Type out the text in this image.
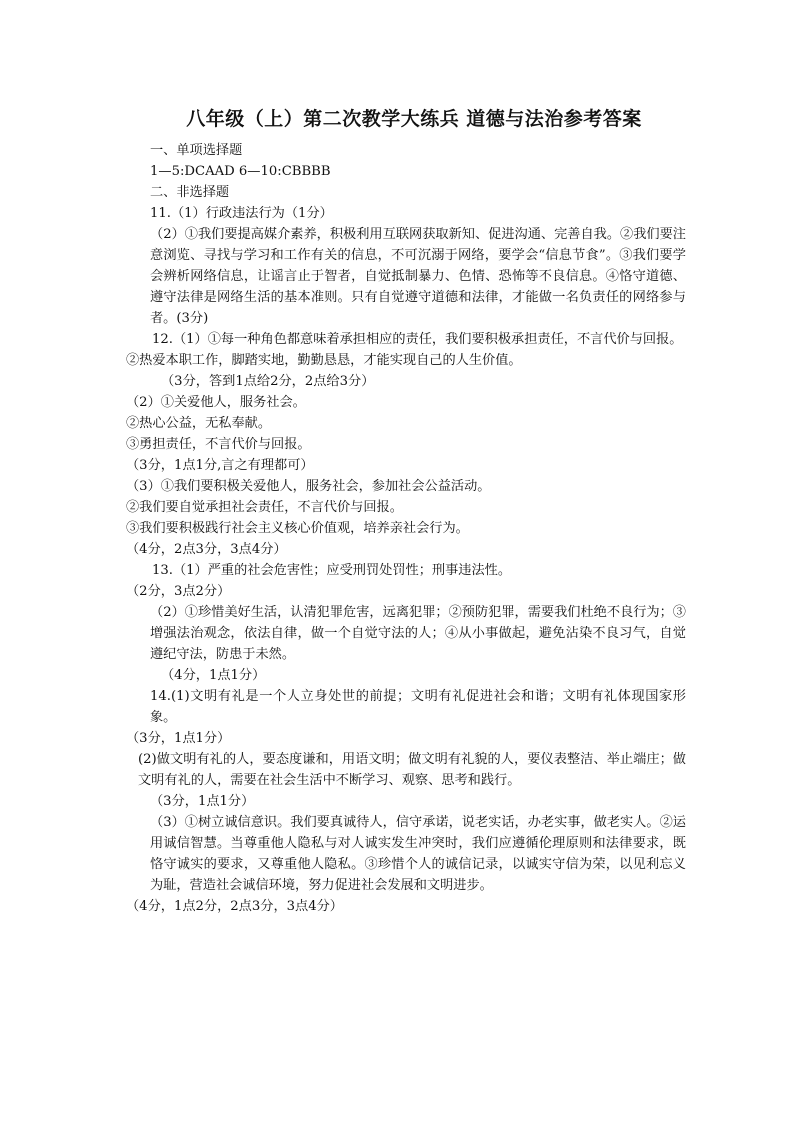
八年级（上）第二次教学大练兵 道德与法治参考答案
一、单项选择题
1—5:DCAAD 6—10:CBBBB
二、非选择题
11.（1）行政违法行为（1分）
（2）①我们要提高媒介素养，积极利用互联网获取新知、促进沟通、完善自我。②我们要注意浏览、寻找与学习和工作有关的信息，不可沉溺于网络，要学会“信息节食”。③我们要学会辨析网络信息，让谣言止于智者，自觉抵制暴力、色情、恐怖等不良信息。④恪守道德、遵守法律是网络生活的基本准则。只有自觉遵守道德和法律，才能做一名负责任的网络参与者。(3分)
12.（1）①每一种角色都意味着承担相应的责任，我们要积极承担责任，不言代价与回报。
②热爱本职工作，脚踏实地，勤勤恳恳，才能实现自己的人生价值。
（3分，答到1点给2分，2点给3分）
（2）①关爱他人，服务社会。
②热心公益，无私奉献。
③勇担责任，不言代价与回报。
（3分，1点1分,言之有理都可）
（3）①我们要积极关爱他人，服务社会，参加社会公益活动。
②我们要自觉承担社会责任，不言代价与回报。
③我们要积极践行社会主义核心价值观，培养亲社会行为。
（4分，2点3分，3点4分）
13.（1）严重的社会危害性；应受刑罚处罚性；刑事违法性。
（2分，3点2分）
（2）①珍惜美好生活，认清犯罪危害，远离犯罪；②预防犯罪，需要我们杜绝不良行为；③增强法治观念，依法自律，做一个自觉守法的人；④从小事做起，避免沾染不良习气，自觉遵纪守法，防患于未然。
（4分，1点1分）
14.(1)文明有礼是一个人立身处世的前提；文明有礼促进社会和谐；文明有礼体现国家形象。
（3分，1点1分）
(2)做文明有礼的人，要态度谦和，用语文明；做文明有礼貌的人，要仪表整洁、举止端庄；做文明有礼的人，需要在社会生活中不断学习、观察、思考和践行。
（3分，1点1分）
（3）①树立诚信意识。我们要真诚待人，信守承诺，说老实话，办老实事，做老实人。②运用诚信智慧。当尊重他人隐私与对人诚实发生冲突时，我们应遵循伦理原则和法律要求，既恪守诚实的要求，又尊重他人隐私。③珍惜个人的诚信记录，以诚实守信为荣，以见利忘义为耻，营造社会诚信环境，努力促进社会发展和文明进步。
（4分，1点2分，2点3分，3点4分）
